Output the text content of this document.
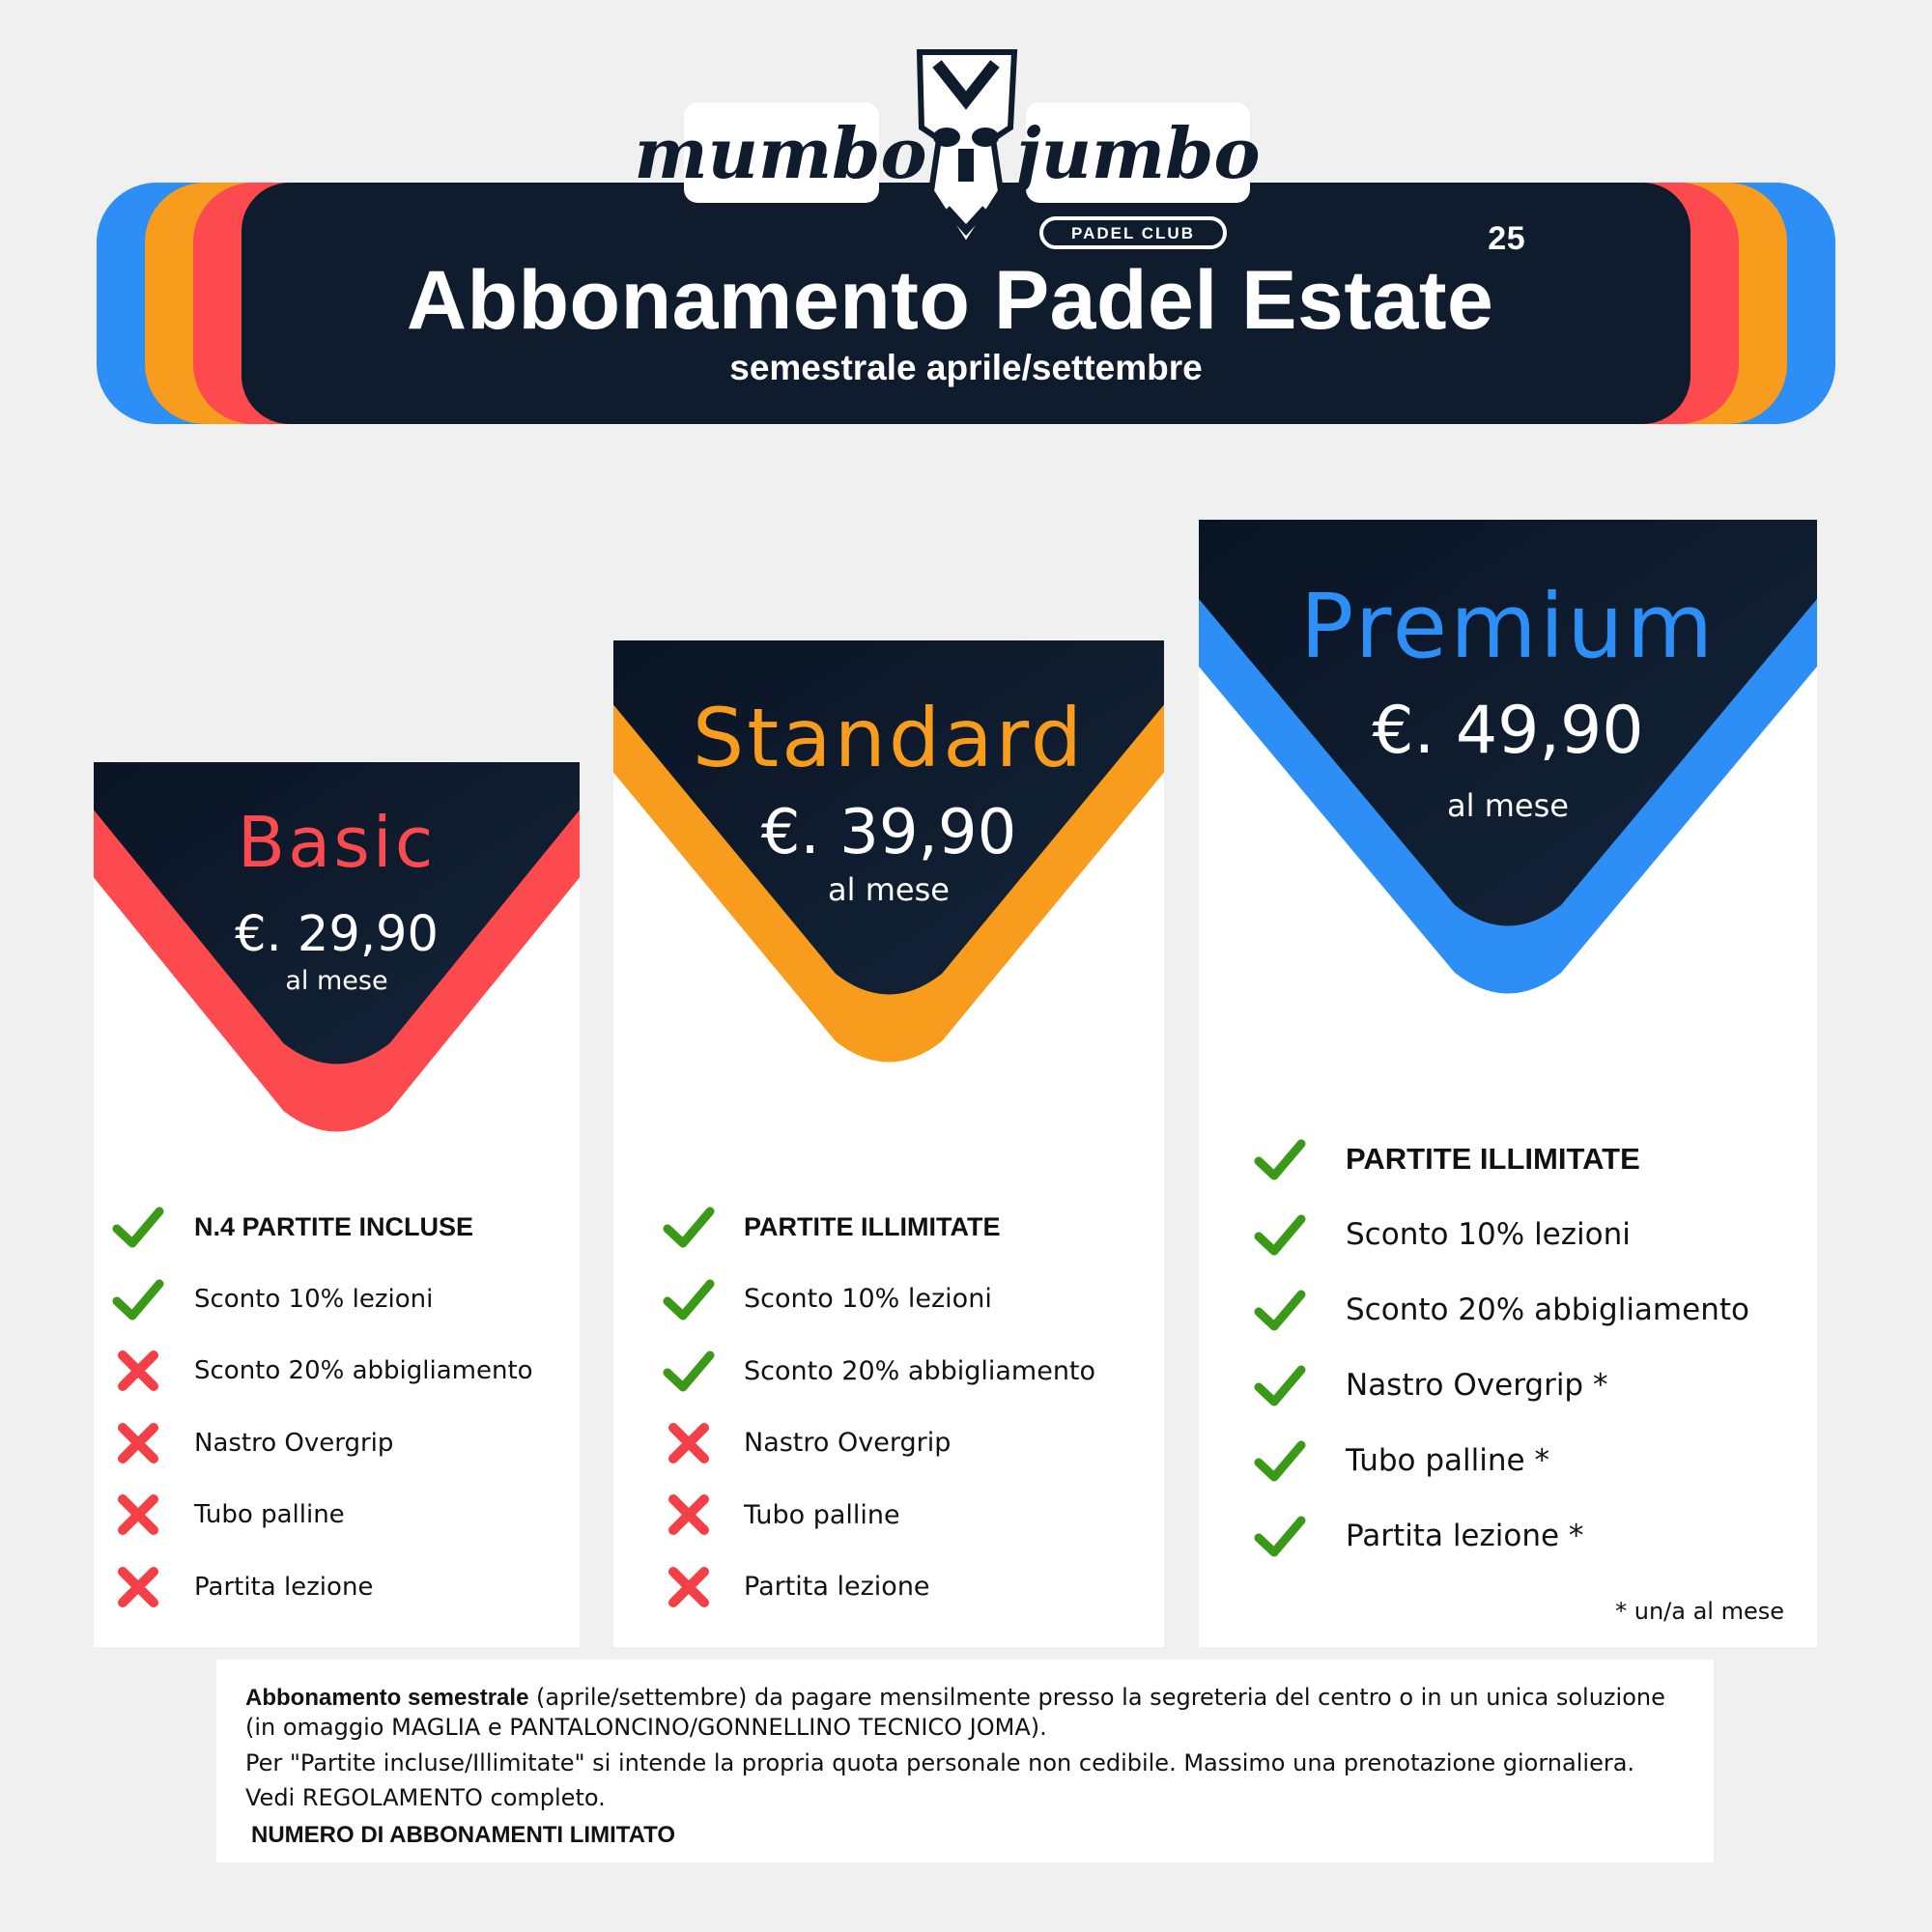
mumbo jumbo
PADEL CLUB
Abbonamento Padel Estate$^{25}$
semestrale aprile/settembre
Basic
€. 29,90
al mese
N.4 PARTITE INCLUSE
Sconto 10% lezioni
Sconto 20% abbigliamento
Nastro Overgrip
Tubo palline
Partita lezione
Standard
€. 39,90
al mese
PARTITE ILLIMITATE
Sconto 10% lezioni
Sconto 20% abbigliamento
Nastro Overgrip
Tubo palline
Partita lezione
Premium
€. 49,90
al mese
PARTITE ILLIMITATE
Sconto 10% lezioni
Sconto 20% abbigliamento
Nastro Overgrip *
Tubo palline *
Partita lezione *
* un/a al mese

Abbonamento semestrale (aprile/settembre) da pagare mensilmente presso la segreteria del centro o in un unica soluzione (in omaggio MAGLIA e PANTALONCINO/GONNELLINO TECNICO JOMA).

Per "Partite incluse/Illimitate" si intende la propria quota personale non cedibile. Massimo una prenotazione giornaliera.

Vedi REGOLAMENTO completo.

NUMERO DI ABBONAMENTI LIMITATO
